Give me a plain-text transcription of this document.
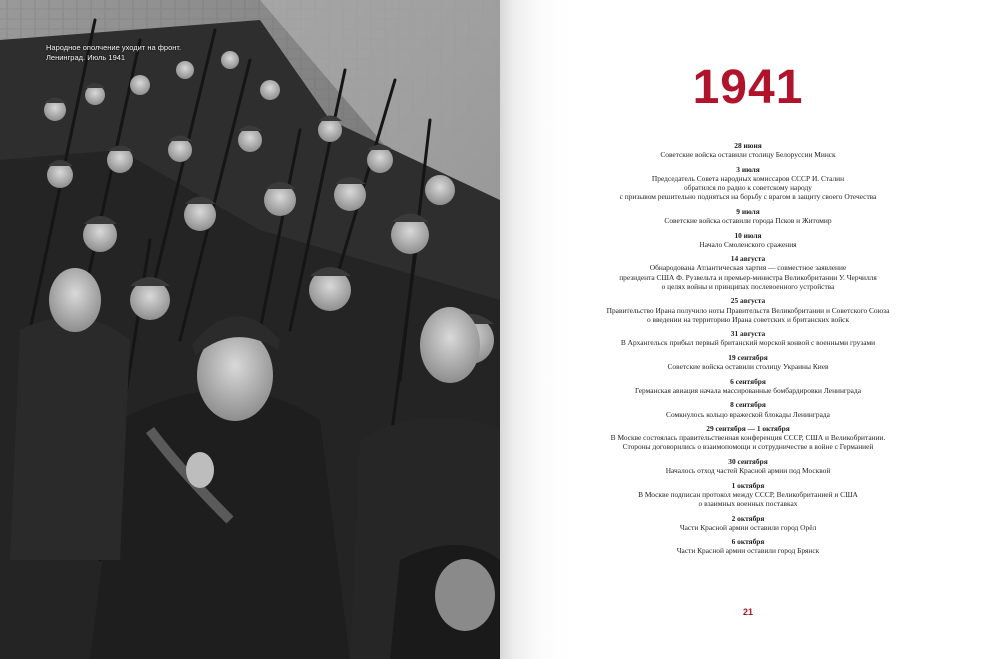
Народное ополчение уходит на фронт.
Ленинград. Июль 1941
1941
28 июня
Советские войска оставили столицу Белоруссии Минск
3 июля
Председатель Совета народных комиссаров СССР И. Сталин
обратился по радио к советскому народу
с призывом решительно подняться на борьбу с врагом в защиту своего Отечества
9 июля
Советские войска оставили города Псков и Житомир
10 июля
Начало Смоленского сражения
14 августа
Обнародована Атлантическая хартия — совместное заявление
президента США Ф. Рузвельта и премьер-министра Великобритании У. Черчилля
о целях войны и принципах послевоенного устройства
25 августа
Правительство Ирана получило ноты Правительств Великобритании и Советского Союза
о введении на территорию Ирана советских и британских войск
31 августа
В Архангельск прибыл первый британский морской конвой с военными грузами
19 сентября
Советские войска оставили столицу Украины Киев
6 сентября
Германская авиация начала массированные бомбардировки Ленинграда
8 сентября
Сомкнулось кольцо вражеской блокады Ленинграда
29 сентября — 1 октября
В Москве состоялась правительственная конференция СССР, США и Великобритании.
Стороны договорились о взаимопомощи и сотрудничестве в войне с Германией
30 сентября
Началось отход частей Красной армии под Москвой
1 октября
В Москве подписан протокол между СССР, Великобританией и США
о взаимных военных поставках
2 октября
Части Красной армии оставили город Орёл
6 октября
Части Красной армии оставили город Брянск
21
